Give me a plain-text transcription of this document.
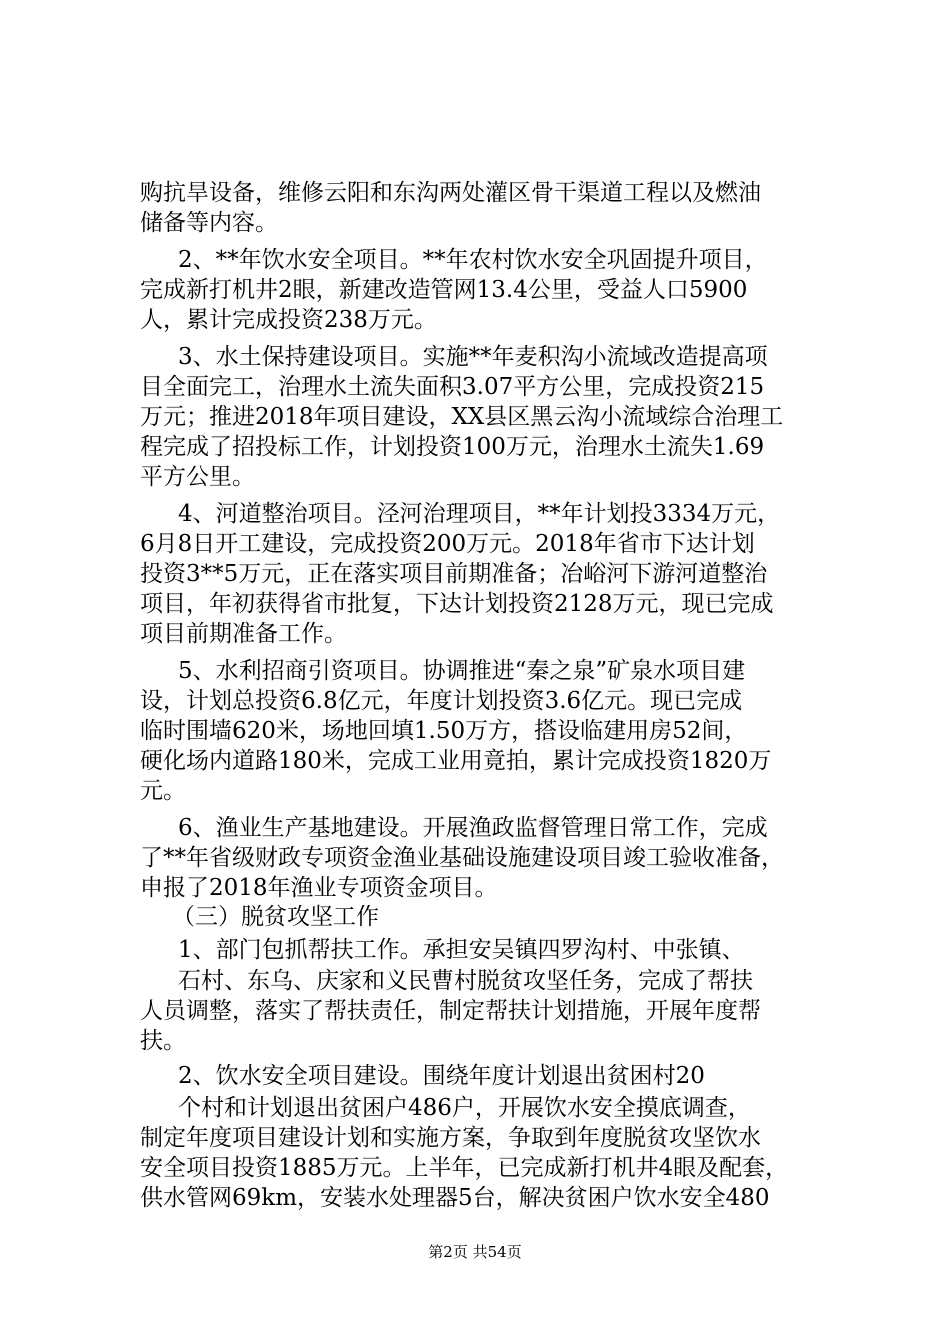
购抗旱设备，维修云阳和东沟两处灌区骨干渠道工程以及燃油
储备等内容。
2、**年饮水安全项目。**年农村饮水安全巩固提升项目，
完成新打机井2眼，新建改造管网13.4公里，受益人口5900
人，累计完成投资238万元。
3、水土保持建设项目。实施**年麦积沟小流域改造提高项
目全面完工，治理水土流失面积3.07平方公里，完成投资215
万元；推进2018年项目建设，XX县区黑云沟小流域综合治理工
程完成了招投标工作，计划投资100万元，治理水土流失1.69
平方公里。
4、河道整治项目。泾河治理项目，**年计划投3334万元，
6月8日开工建设，完成投资200万元。2018年省市下达计划
投资3**5万元，正在落实项目前期准备；冶峪河下游河道整治
项目，年初获得省市批复，下达计划投资2128万元，现已完成
项目前期准备工作。
5、水利招商引资项目。协调推进“秦之泉”矿泉水项目建
设，计划总投资6.8亿元，年度计划投资3.6亿元。现已完成
临时围墙620米，场地回填1.50万方，搭设临建用房52间，
硬化场内道路180米，完成工业用竟拍，累计完成投资1820万
元。
6、渔业生产基地建设。开展渔政监督管理日常工作，完成
了**年省级财政专项资金渔业基础设施建设项目竣工验收准备，
申报了2018年渔业专项资金项目。
（三）脱贫攻坚工作
1、部门包抓帮扶工作。承担安吴镇四罗沟村、中张镇、
石村、东乌、庆家和义民曹村脱贫攻坚任务，完成了帮扶
人员调整，落实了帮扶责任，制定帮扶计划措施，开展年度帮
扶。
2、饮水安全项目建设。围绕年度计划退出贫困村20
个村和计划退出贫困户486户，开展饮水安全摸底调查，
制定年度项目建设计划和实施方案，争取到年度脱贫攻坚饮水
安全项目投资1885万元。上半年，已完成新打机井4眼及配套，
供水管网69km，安装水处理器5台，解决贫困户饮水安全480
第2页 共54页
